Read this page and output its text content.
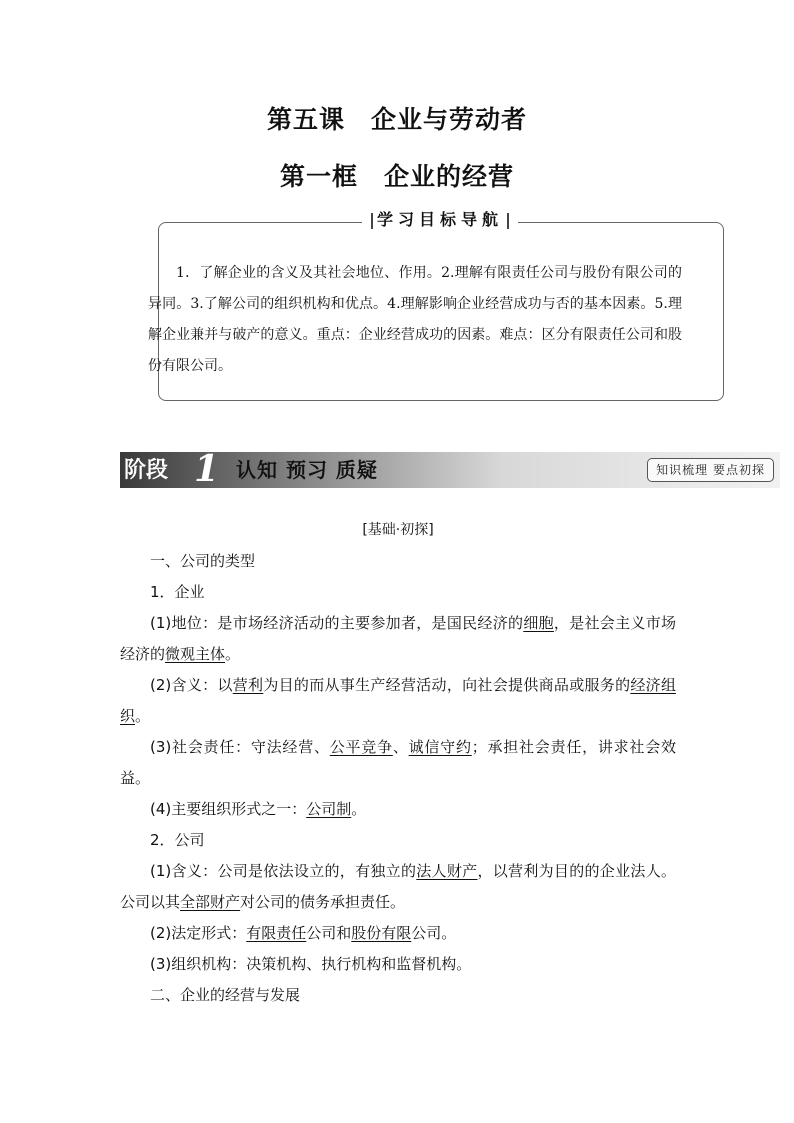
第五课　企业与劳动者
第一框　企业的经营
学习目标导航
1．了解企业的含义及其社会地位、作用。2.理解有限责任公司与股份有限公司的异同。3.了解公司的组织机构和优点。4.理解影响企业经营成功与否的基本因素。5.理解企业兼并与破产的意义。重点：企业经营成功的因素。难点：区分有限责任公司和股份有限公司。
阶段 1 认知 预习 质疑	知识梳理 要点初探
[基础·初探]
一、公司的类型
1．企业
(1)地位：是市场经济活动的主要参加者，是国民经济的细胞，是社会主义市场经济的微观主体。
(2)含义：以营利为目的而从事生产经营活动，向社会提供商品或服务的经济组织。
(3)社会责任：守法经营、公平竞争、诚信守约；承担社会责任，讲求社会效益。
(4)主要组织形式之一：公司制。
2．公司
(1)含义：公司是依法设立的，有独立的法人财产，以营利为目的的企业法人。公司以其全部财产对公司的债务承担责任。
(2)法定形式：有限责任公司和股份有限公司。
(3)组织机构：决策机构、执行机构和监督机构。
二、企业的经营与发展
